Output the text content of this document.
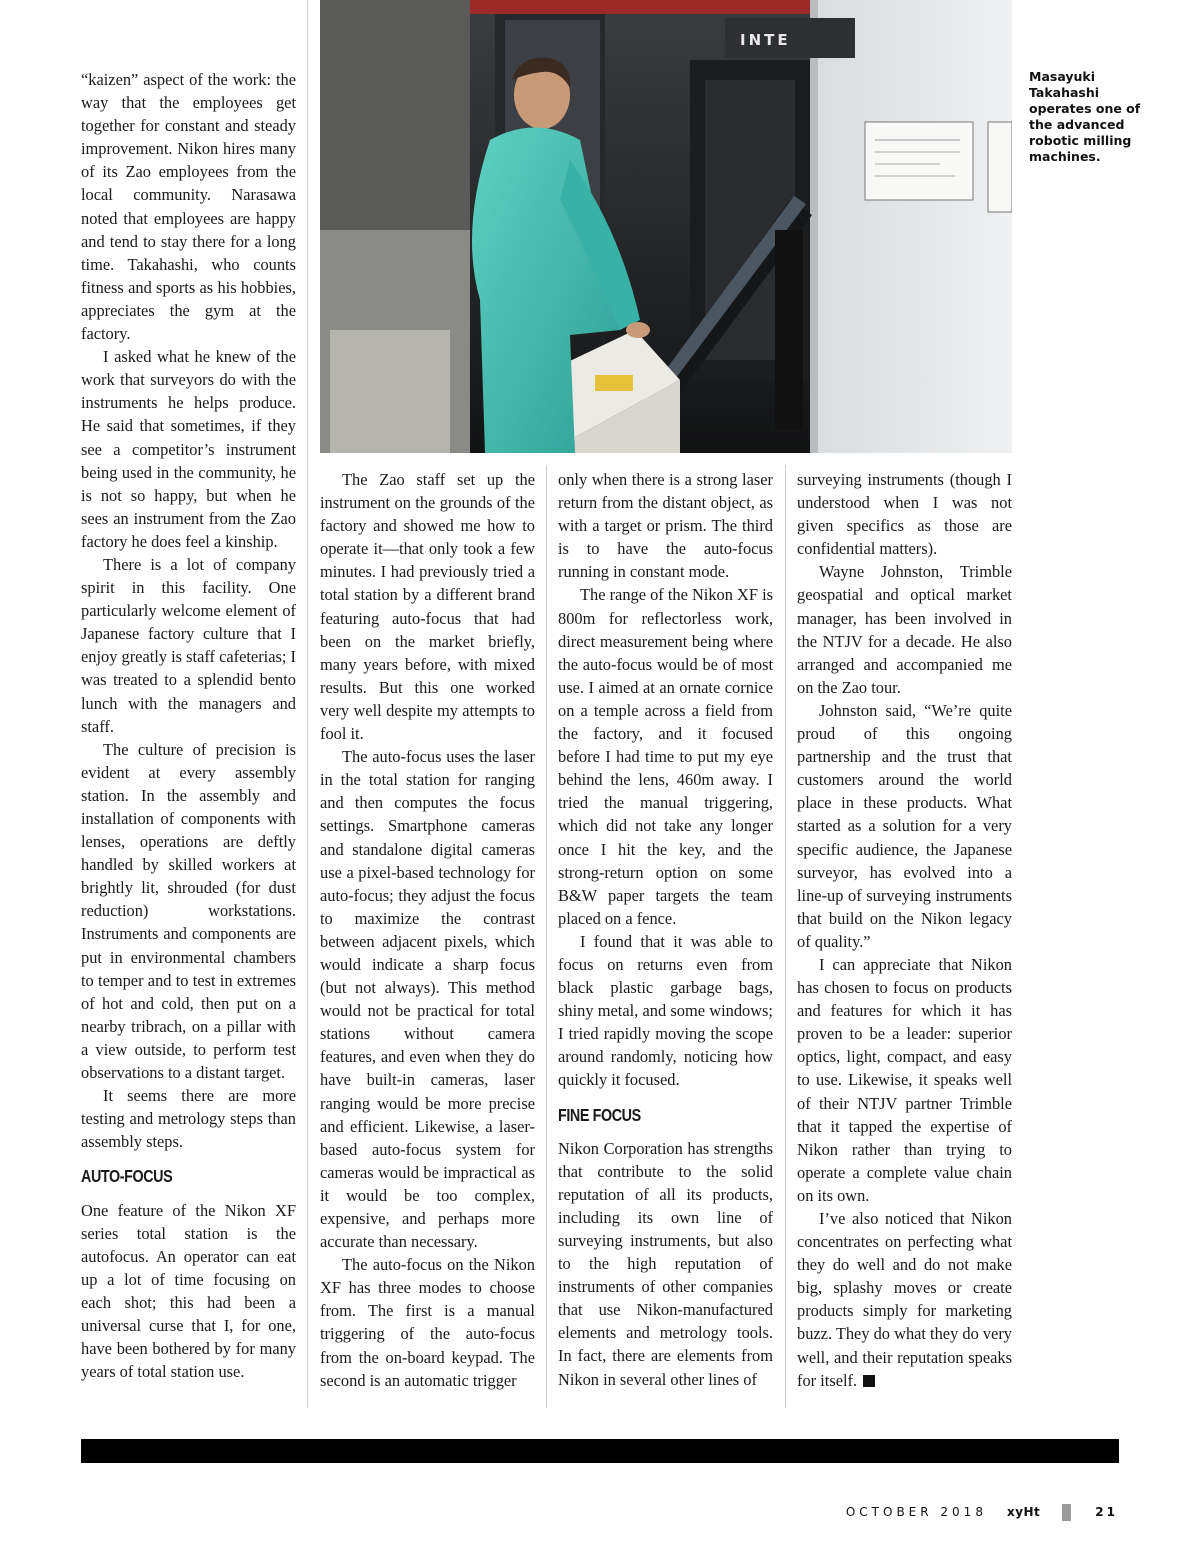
INTE
Masayuki Takahashi operates one of the advanced robotic milling machines.

“kaizen” aspect of the work: the way that the employees get together for constant and steady improvement. Nikon hires many of its Zao employees from the local community. Narasawa noted that employees are happy and tend to stay there for a long time. Takahashi, who counts fitness and sports as his hobbies, appreciates the gym at the factory.

I asked what he knew of the work that surveyors do with the instruments he helps produce. He said that sometimes, if they see a competitor’s instrument being used in the community, he is not so happy, but when he sees an instrument from the Zao factory he does feel a kinship.

There is a lot of company spirit in this facility. One particularly welcome element of Japanese factory culture that I enjoy greatly is staff cafeterias; I was treated to a splendid bento lunch with the managers and staff.

The culture of precision is evident at every assembly station. In the assembly and installation of components with lenses, operations are deftly handled by skilled workers at brightly lit, shrouded (for dust reduction) workstations. Instruments and components are put in environmental chambers to temper and to test in extremes of hot and cold, then put on a nearby tribrach, on a pillar with a view outside, to perform test observations to a distant target.

It seems there are more testing and metrology steps than assembly steps.

AUTO-FOCUS

One feature of the Nikon XF series total station is the autofocus. An operator can eat up a lot of time focusing on each shot; this had been a universal curse that I, for one, have been bothered by for many years of total station use.

The Zao staff set up the instrument on the grounds of the factory and showed me how to operate it—that only took a few minutes. I had previously tried a total station by a different brand featuring auto-focus that had been on the market briefly, many years before, with mixed results. But this one worked very well despite my attempts to fool it.

The auto-focus uses the laser in the total station for ranging and then computes the focus settings. Smartphone cameras and standalone digital cameras use a pixel-based technology for auto-focus; they adjust the focus to maximize the contrast between adjacent pixels, which would indicate a sharp focus (but not always). This method would not be practical for total stations without camera features, and even when they do have built-in cameras, laser ranging would be more precise and efficient. Likewise, a laser-based auto-focus system for cameras would be impractical as it would be too complex, expensive, and perhaps more accurate than necessary.

The auto-focus on the Nikon XF has three modes to choose from. The first is a manual triggering of the auto-focus from the on-board keypad. The second is an automatic trigger

only when there is a strong laser return from the distant object, as with a target or prism. The third is to have the auto-focus running in constant mode.

The range of the Nikon XF is 800m for reflectorless work, direct measurement being where the auto-focus would be of most use. I aimed at an ornate cornice on a temple across a field from the factory, and it focused before I had time to put my eye behind the lens, 460m away. I tried the manual triggering, which did not take any longer once I hit the key, and the strong-return option on some B&W paper targets the team placed on a fence.

I found that it was able to focus on returns even from black plastic garbage bags, shiny metal, and some windows; I tried rapidly moving the scope around randomly, noticing how quickly it focused.

FINE FOCUS

Nikon Corporation has strengths that contribute to the solid reputation of all its products, including its own line of surveying instruments, but also to the high reputation of instruments of other companies that use Nikon-manufactured elements and metrology tools. In fact, there are elements from Nikon in several other lines of

surveying instruments (though I understood when I was not given specifics as those are confidential matters).

Wayne Johnston, Trimble geospatial and optical market manager, has been involved in the NTJV for a decade. He also arranged and accompanied me on the Zao tour.

Johnston said, “We’re quite proud of this ongoing partnership and the trust that customers around the world place in these products. What started as a solution for a very specific audience, the Japanese surveyor, has evolved into a line-up of surveying instruments that build on the Nikon legacy of quality.”

I can appreciate that Nikon has chosen to focus on products and features for which it has proven to be a leader: superior optics, light, compact, and easy to use. Likewise, it speaks well of their NTJV partner Trimble that it tapped the expertise of Nikon rather than trying to operate a complete value chain on its own.

I’ve also noticed that Nikon concentrates on perfecting what they do well and do not make big, splashy moves or create products simply for marketing buzz. They do what they do very well, and their reputation speaks for itself.

OCTOBER 2018 xyHt	21
